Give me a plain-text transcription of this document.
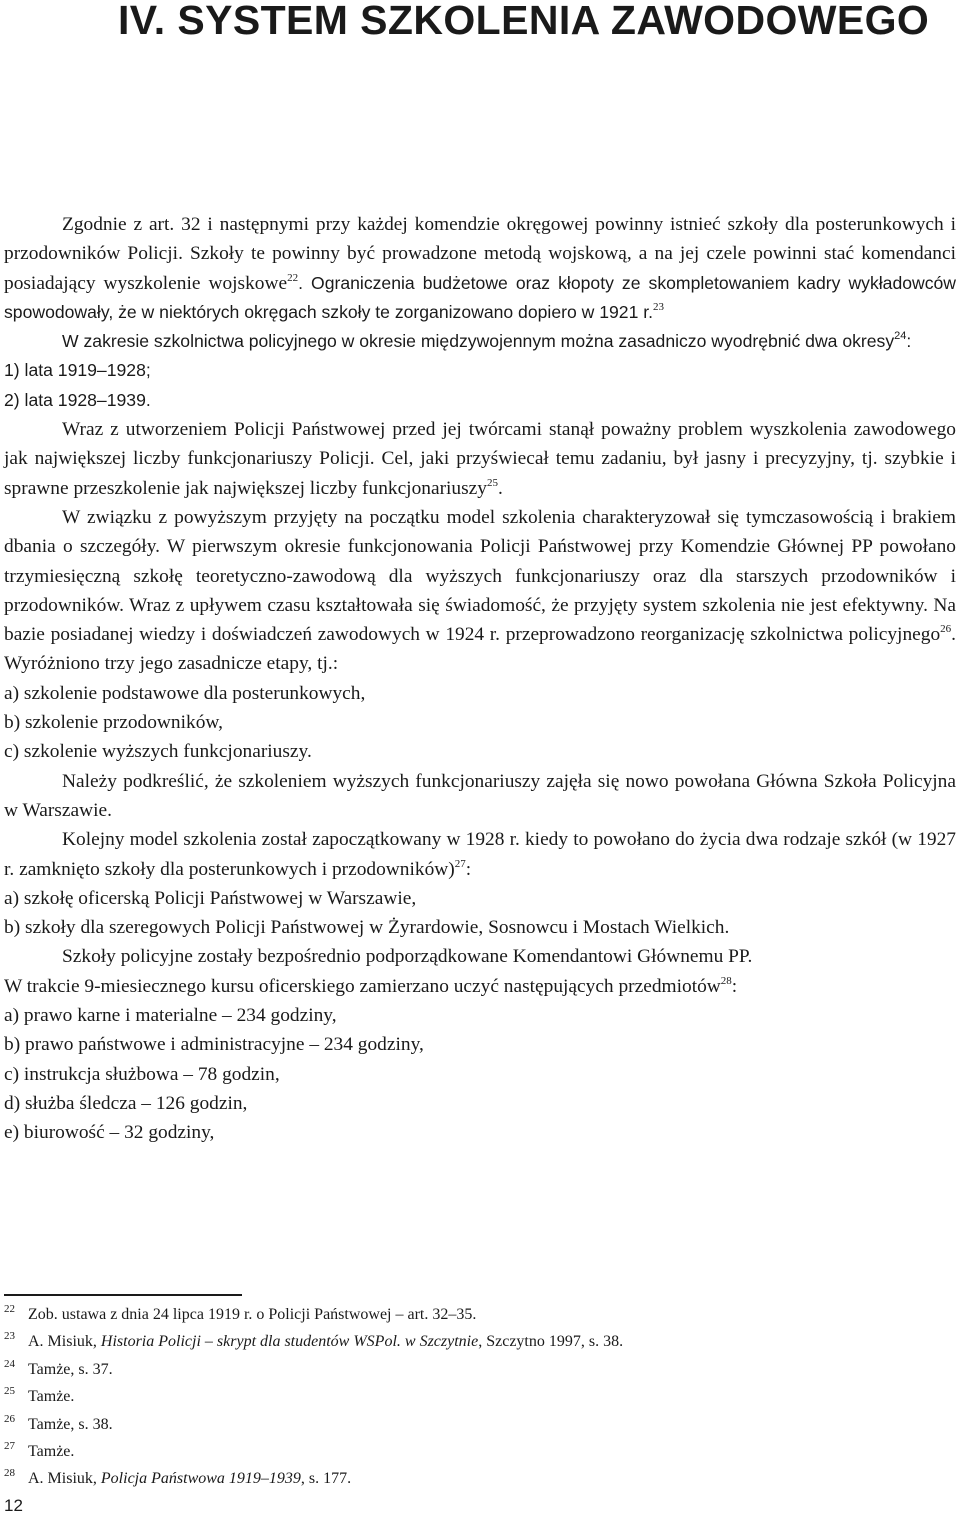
IV. SYSTEM SZKOLENIA ZAWODOWEGO

Zgodnie z art. 32 i następnymi przy każdej komendzie okręgowej powinny istnieć szkoły dla posterunkowych i przodowników Policji. Szkoły te powinny być prowadzone metodą wojskową, a na jej czele powinni stać komendanci posiadający wyszkolenie wojskowe$^{22}$. Ograniczenia budżetowe oraz kłopoty ze skompletowaniem kadry wykładowców spowodowały, że w niektórych okręgach szkoły te zorganizowano dopiero w 1921 r.$^{23}$

W zakresie szkolnictwa policyjnego w okresie międzywojennym można zasadniczo wyodrębnić dwa okresy$^{24}$:

1) lata 1919–1928;

2) lata 1928–1939.

Wraz z utworzeniem Policji Państwowej przed jej twórcami stanął poważny problem wyszkolenia zawodowego jak największej liczby funkcjonariuszy Policji. Cel, jaki przyświecał temu zadaniu, był jasny i precyzyjny, tj. szybkie i sprawne przeszkolenie jak największej liczby funkcjonariuszy$^{25}$.

W związku z powyższym przyjęty na początku model szkolenia charakteryzował się tymczasowością i brakiem dbania o szczegóły. W pierwszym okresie funkcjonowania Policji Państwowej przy Komendzie Głównej PP powołano trzymiesięczną szkołę teoretyczno-zawodową dla wyższych funkcjonariuszy oraz dla starszych przodowników i przodowników. Wraz z upływem czasu kształtowała się świadomość, że przyjęty system szkolenia nie jest efektywny. Na bazie posiadanej wiedzy i doświadczeń zawodowych w 1924 r. przeprowadzono reorganizację szkolnictwa policyjnego$^{26}$. Wyróżniono trzy jego zasadnicze etapy, tj.:

a) szkolenie podstawowe dla posterunkowych,

b) szkolenie przodowników,

c) szkolenie wyższych funkcjonariuszy.

Należy podkreślić, że szkoleniem wyższych funkcjonariuszy zajęła się nowo powołana Główna Szkoła Policyjna w Warszawie.

Kolejny model szkolenia został zapoczątkowany w 1928 r. kiedy to powołano do życia dwa rodzaje szkół (w 1927 r. zamknięto szkoły dla posterunkowych i przodowników)$^{27}$:

a) szkołę oficerską Policji Państwowej w Warszawie,

b) szkoły dla szeregowych Policji Państwowej w Żyrardowie, Sosnowcu i Mostach Wielkich.

Szkoły policyjne zostały bezpośrednio podporządkowane Komendantowi Głównemu PP.

W trakcie 9-miesiecznego kursu oficerskiego zamierzano uczyć następujących przedmiotów$^{28}$:

a) prawo karne i materialne – 234 godziny,

b) prawo państwowe i administracyjne – 234 godziny,

c) instrukcja służbowa – 78 godzin,

d) służba śledcza – 126 godzin,

e) biurowość – 32 godziny,

22 Zob. ustawa z dnia 24 lipca 1919 r. o Policji Państwowej – art. 32–35.

23 A. Misiuk, Historia Policji – skrypt dla studentów WSPol. w Szczytnie, Szczytno 1997, s. 38.

24 Tamże, s. 37.

25 Tamże.

26 Tamże, s. 38.

27 Tamże.

28 A. Misiuk, Policja Państwowa 1919–1939, s. 177.

12
